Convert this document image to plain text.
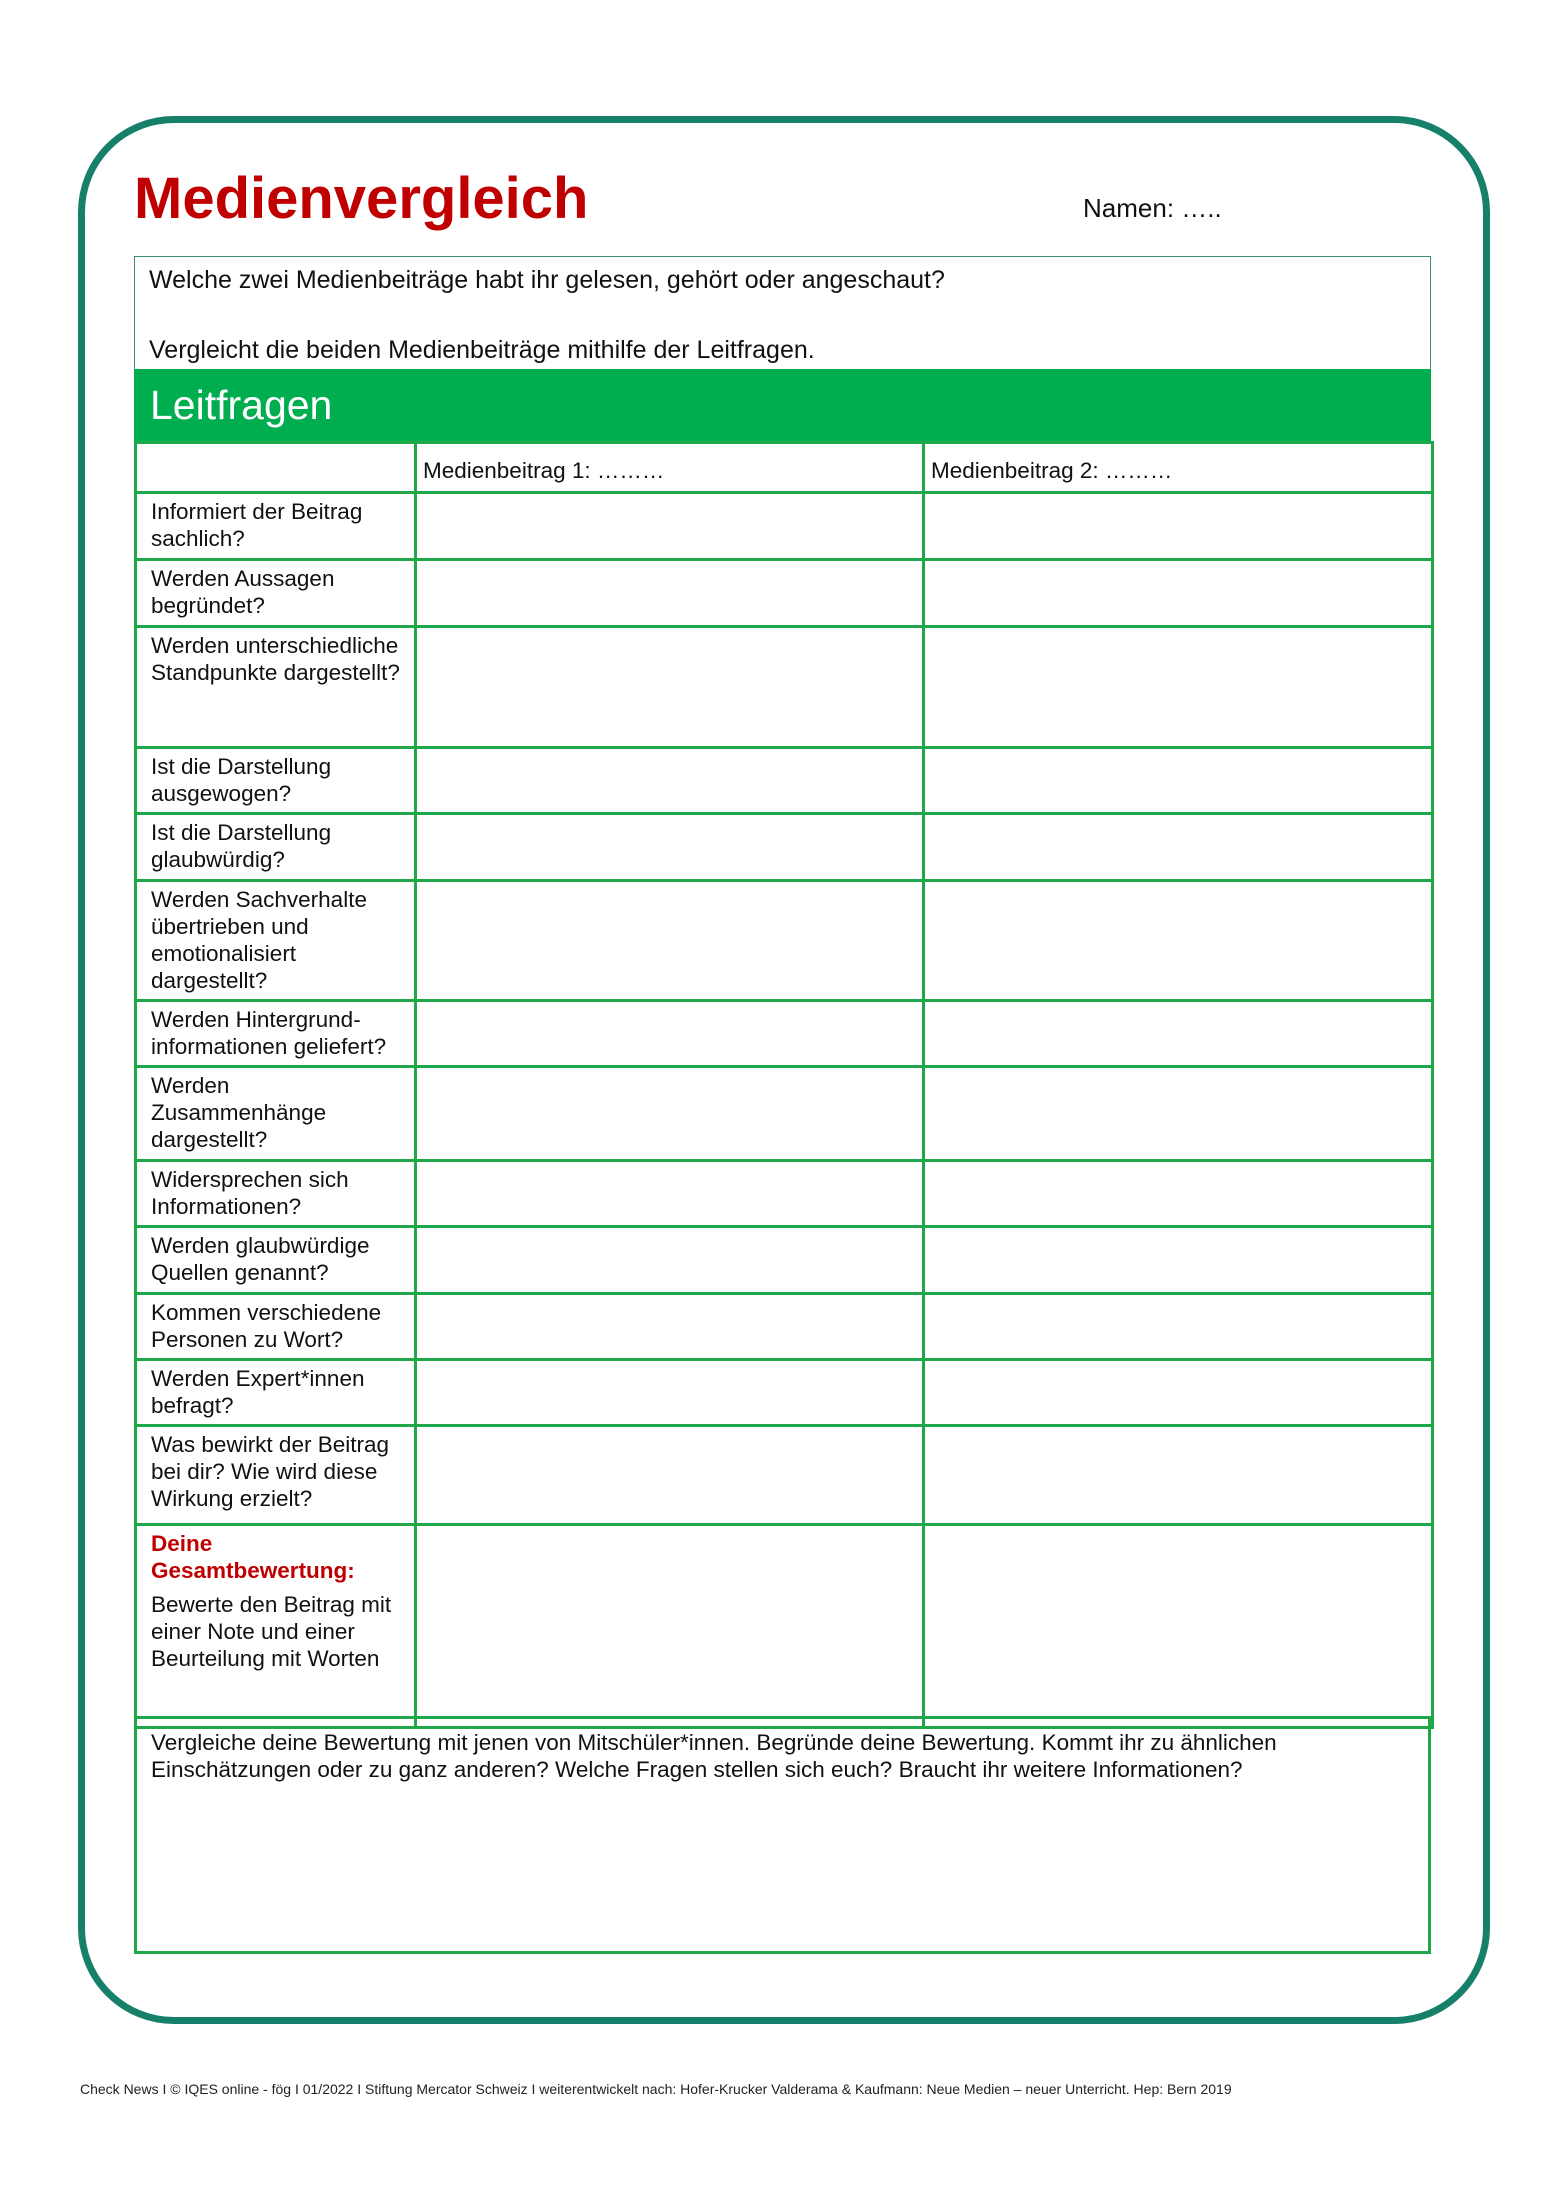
Medienvergleich	Namen: …..

Welche zwei Medienbeiträge habt ihr gelesen, gehört oder angeschaut?

Vergleicht die beiden Medienbeiträge mithilfe der Leitfragen.

Leitfragen
	Medienbeitrag 1: ………	Medienbeitrag 2: ………
Informiert der Beitrag sachlich?		
Werden Aussagen begründet?		
Werden unterschiedliche Standpunkte dargestellt?		
Ist die Darstellung ausgewogen?		
Ist die Darstellung glaubwürdig?		
Werden Sachverhalte übertrieben und emotionalisiert dargestellt?		
Werden Hintergrund-informationen geliefert?		
Werden Zusammenhänge dargestellt?		
Widersprechen sich Informationen?		
Werden glaubwürdige Quellen genannt?		
Kommen verschiedene Personen zu Wort?		
Werden Expert*innen befragt?		
Was bewirkt der Beitrag bei dir? Wie wird diese Wirkung erzielt?		

Deine Gesamtbewertung:
Bewerte den Beitrag mit einer Note und einer Beurteilung mit Worten		

Vergleiche deine Bewertung mit jenen von Mitschüler*innen. Begründe deine Bewertung. Kommt ihr zu ähnlichen Einschätzungen oder zu ganz anderen? Welche Fragen stellen sich euch? Braucht ihr weitere Informationen?
Check News I © IQES online - fög I 01/2022 I Stiftung Mercator Schweiz I weiterentwickelt nach: Hofer-Krucker Valderama & Kaufmann: Neue Medien – neuer Unterricht. Hep: Bern 2019
